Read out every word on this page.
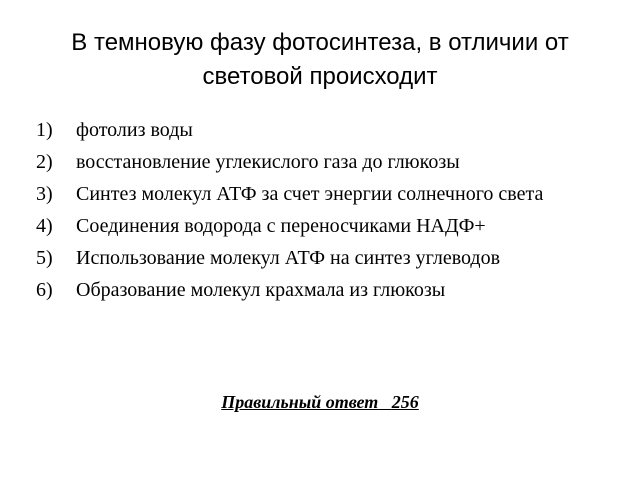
В темновую фазу фотосинтеза, в отличии от световой происходит
1)	фотолиз воды
2)	восстановление углекислого газа до глюкозы
3)	Синтез молекул АТФ за счет энергии солнечного света
4)	Соединения водорода с переносчиками НАДФ+
5)	Использование молекул АТФ на синтез углеводов
6)	Образование молекул крахмала из глюкозы
Правильный ответ 256
